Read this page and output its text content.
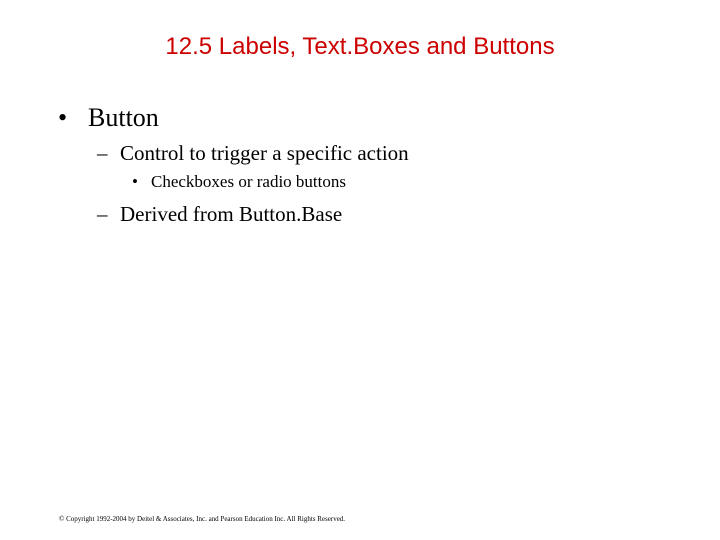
12.5 Labels, Text.Boxes and Buttons
• Button
– Control to trigger a specific action
• Checkboxes or radio buttons
– Derived from Button.Base
© Copyright 1992-2004 by Deitel & Associates, Inc. and Pearson Education Inc. All Rights Reserved.
